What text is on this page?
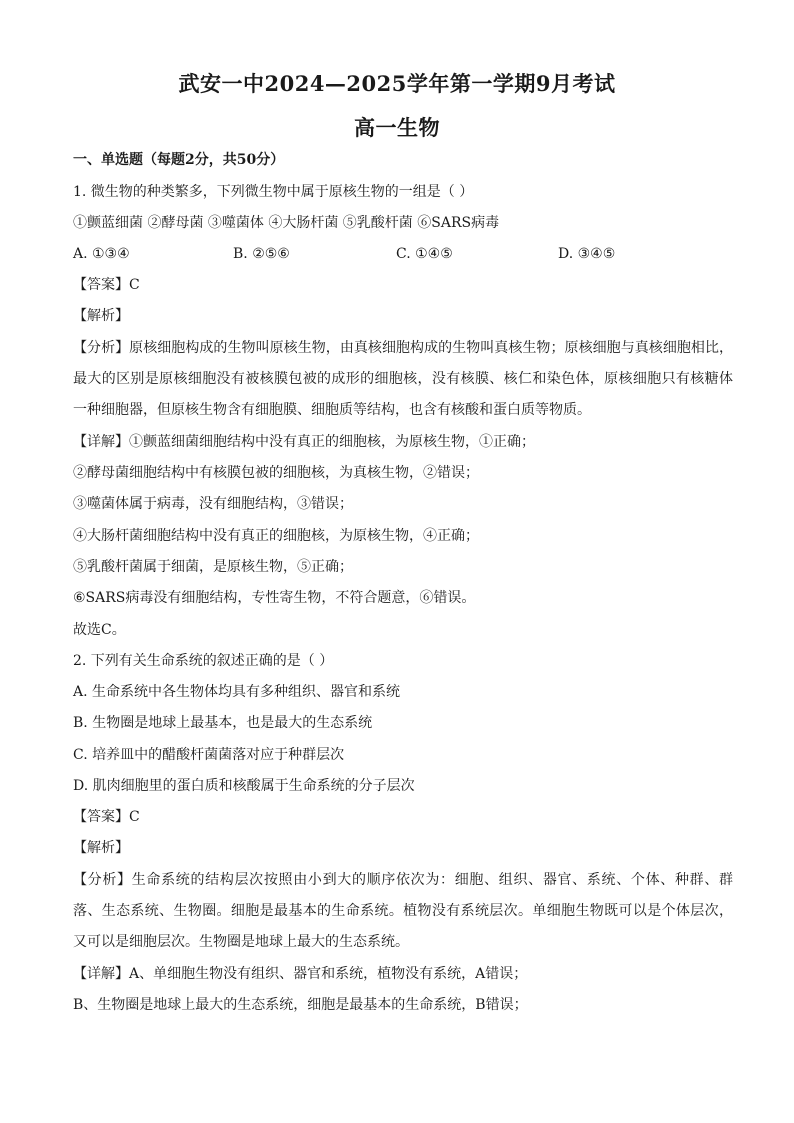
武安一中2024—2025学年第一学期9月考试
高一生物
一、单选题（每题2分，共50分）
1. 微生物的种类繁多，下列微生物中属于原核生物的一组是（ ）
①颤蓝细菌 ②酵母菌 ③噬菌体 ④大肠杆菌 ⑤乳酸杆菌 ⑥SARS病毒
A. ①③④	B. ②⑤⑥	C. ①④⑤	D. ③④⑤
【答案】C
【解析】
【分析】原核细胞构成的生物叫原核生物，由真核细胞构成的生物叫真核生物；原核细胞与真核细胞相比，
最大的区别是原核细胞没有被核膜包被的成形的细胞核，没有核膜、核仁和染色体，原核细胞只有核糖体
一种细胞器，但原核生物含有细胞膜、细胞质等结构，也含有核酸和蛋白质等物质。
【详解】①颤蓝细菌细胞结构中没有真正的细胞核，为原核生物，①正确；
②酵母菌细胞结构中有核膜包被的细胞核，为真核生物，②错误；
③噬菌体属于病毒，没有细胞结构，③错误；
④大肠杆菌细胞结构中没有真正的细胞核，为原核生物，④正确；
⑤乳酸杆菌属于细菌，是原核生物，⑤正确；
⑥SARS病毒没有细胞结构，专性寄生物，不符合题意，⑥错误。
故选C。
2. 下列有关生命系统的叙述正确的是（ ）
A. 生命系统中各生物体均具有多种组织、器官和系统
B. 生物圈是地球上最基本，也是最大的生态系统
C. 培养皿中的醋酸杆菌菌落对应于种群层次
D. 肌肉细胞里的蛋白质和核酸属于生命系统的分子层次
【答案】C
【解析】
【分析】生命系统的结构层次按照由小到大的顺序依次为：细胞、组织、器官、系统、个体、种群、群
落、生态系统、生物圈。细胞是最基本的生命系统。植物没有系统层次。单细胞生物既可以是个体层次，
又可以是细胞层次。生物圈是地球上最大的生态系统。
【详解】A、单细胞生物没有组织、器官和系统，植物没有系统，A错误；
B、生物圈是地球上最大的生态系统，细胞是最基本的生命系统，B错误；
